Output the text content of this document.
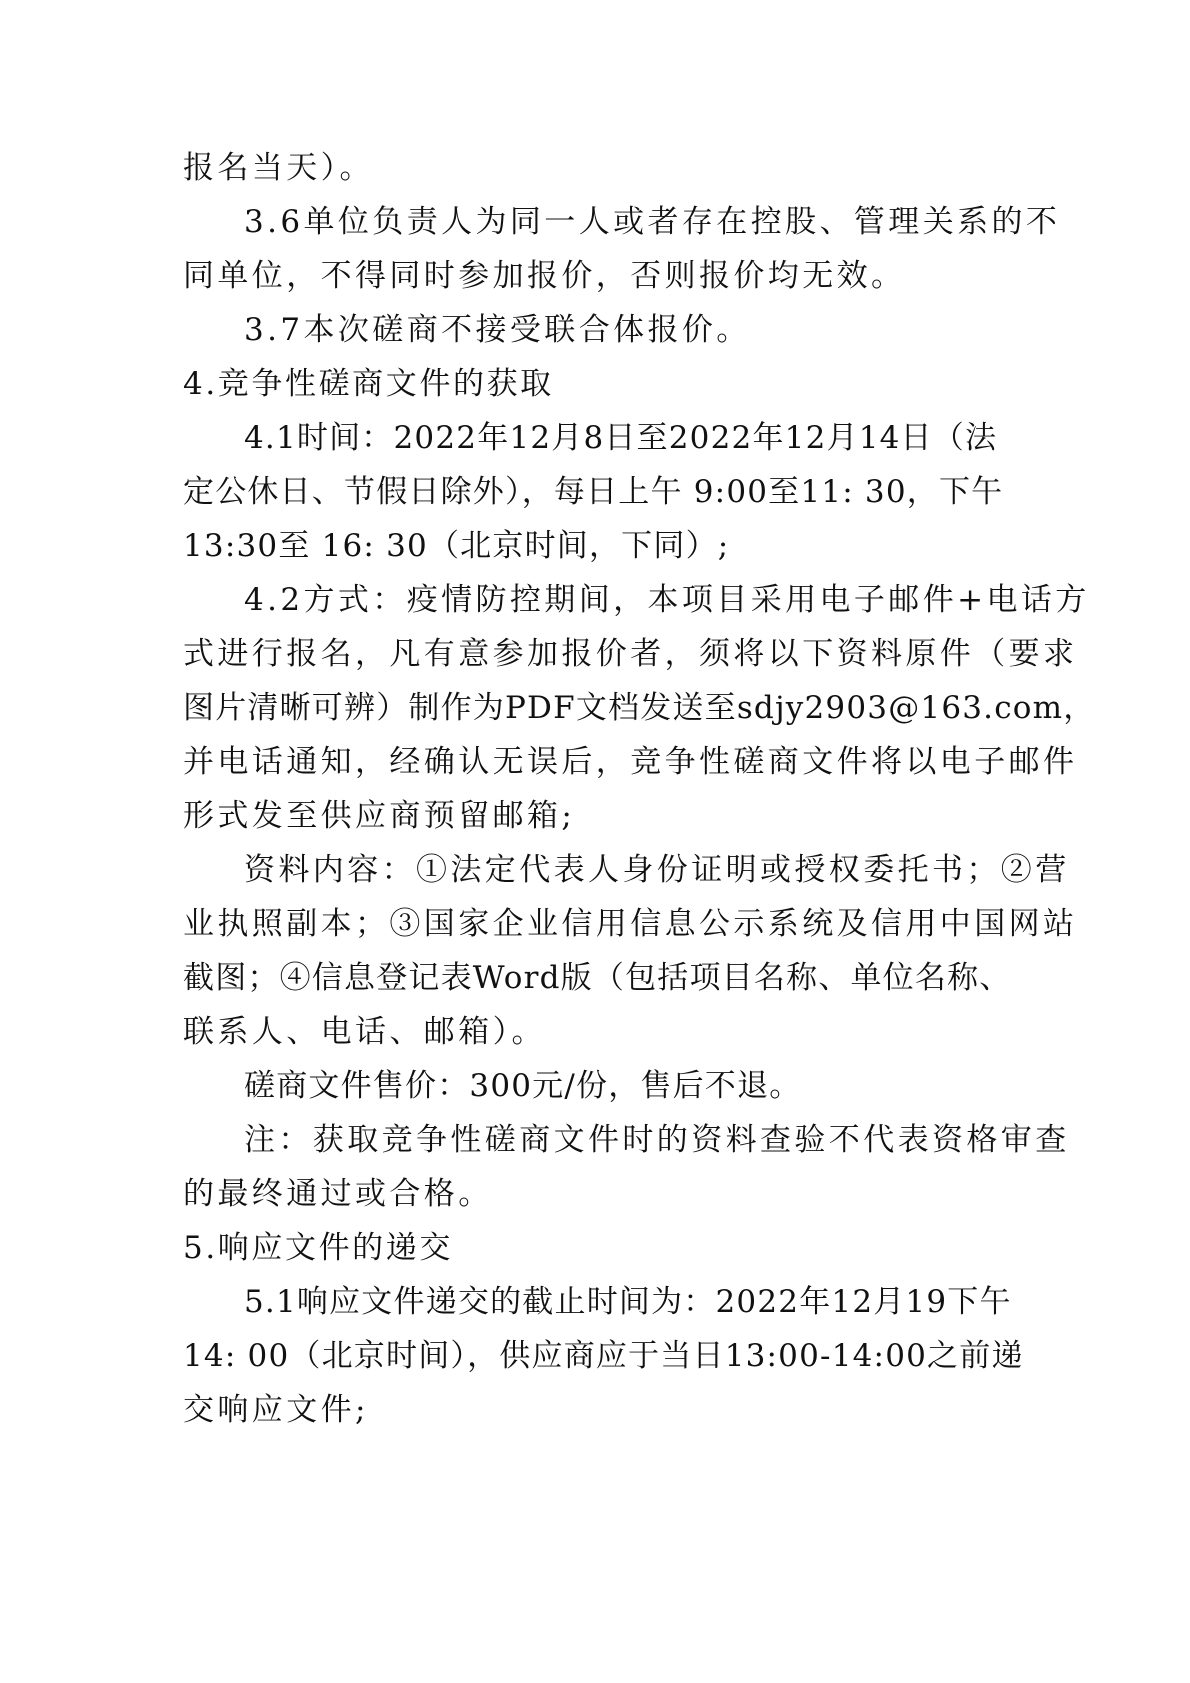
报名当天）。
3.6单位负责人为同一人或者存在控股、管理关系的不
同单位，不得同时参加报价，否则报价均无效。
3.7本次磋商不接受联合体报价。
4.竞争性磋商文件的获取
4.1时间：2022年12月8日至2022年12月14日（法
定公休日、节假日除外），每日上午 9:00至11: 30，下午
13:30至 16: 30（北京时间，下同）;
4.2方式：疫情防控期间，本项目采用电子邮件+电话方
式进行报名，凡有意参加报价者，须将以下资料原件（要求
图片清晰可辨）制作为PDF文档发送至sdjy2903@163.com，
并电话通知，经确认无误后，竞争性磋商文件将以电子邮件
形式发至供应商预留邮箱;
资料内容：①法定代表人身份证明或授权委托书；②营
业执照副本；③国家企业信用信息公示系统及信用中国网站
截图；④信息登记表Word版（包括项目名称、单位名称、
联系人、电话、邮箱）。
磋商文件售价：300元/份，售后不退。
注：获取竞争性磋商文件时的资料查验不代表资格审查
的最终通过或合格。
5.响应文件的递交
5.1响应文件递交的截止时间为：2022年12月19下午
14: 00（北京时间），供应商应于当日13:00-14:00之前递
交响应文件;
